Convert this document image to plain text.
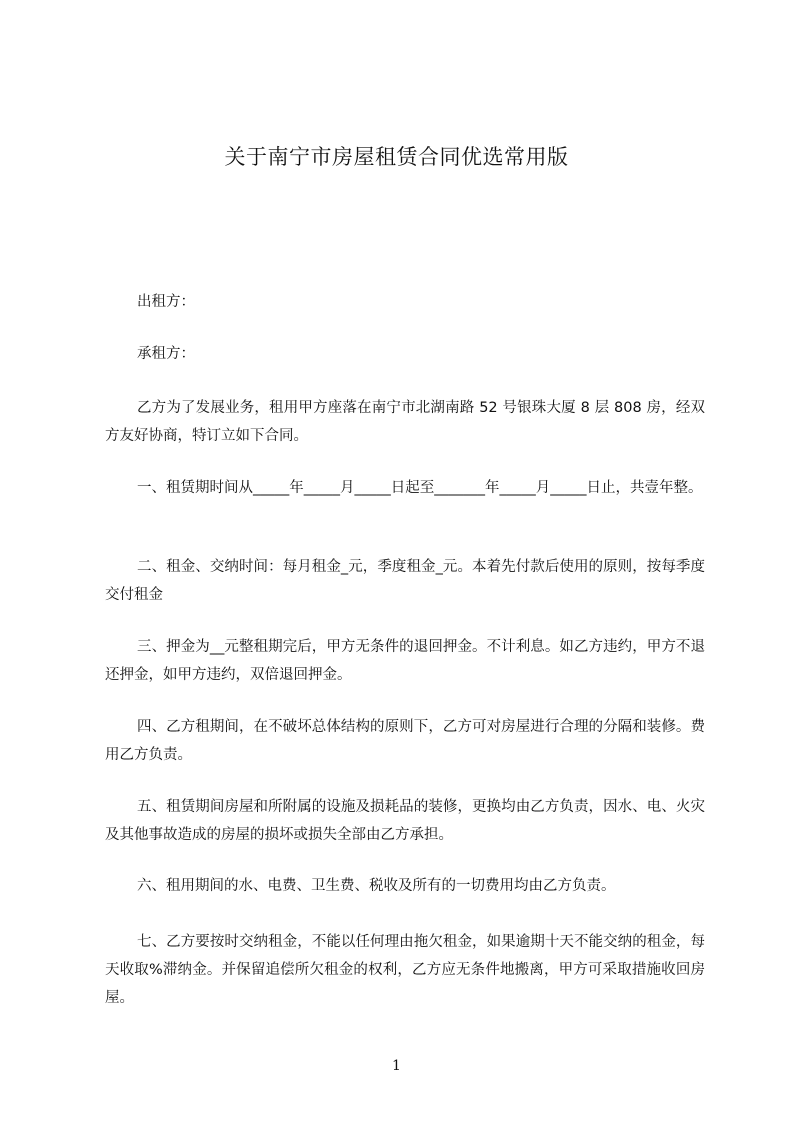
关于南宁市房屋租赁合同优选常用版
出租方：
承租方：
乙方为了发展业务，租用甲方座落在南宁市北湖南路 52 号银珠大厦 8 层 808 房，经双方友好协商，特订立如下合同。
一、租赁期时间从_____年_____月_____日起至_______年_____月_____日止，共壹年整。
二、租金、交纳时间：每月租金_元，季度租金_元。本着先付款后使用的原则，按每季度交付租金
三、押金为__元整租期完后，甲方无条件的退回押金。不计利息。如乙方违约，甲方不退还押金，如甲方违约，双倍退回押金。
四、乙方租期间，在不破坏总体结构的原则下，乙方可对房屋进行合理的分隔和装修。费用乙方负责。
五、租赁期间房屋和所附属的设施及损耗品的装修，更换均由乙方负责，因水、电、火灾及其他事故造成的房屋的损坏或损失全部由乙方承担。
六、租用期间的水、电费、卫生费、税收及所有的一切费用均由乙方负责。
七、乙方要按时交纳租金，不能以任何理由拖欠租金，如果逾期十天不能交纳的租金，每天收取%滞纳金。并保留追偿所欠租金的权利，乙方应无条件地搬离，甲方可采取措施收回房屋。
1
